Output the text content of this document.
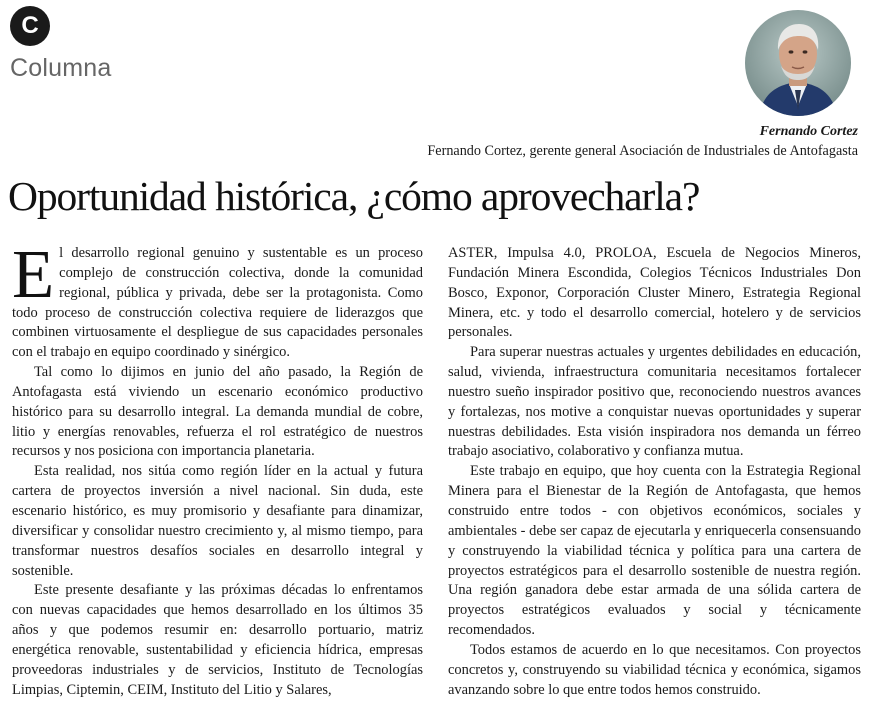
C
Columna
Fernando Cortez
Fernando Cortez, gerente general Asociación de Industriales de Antofagasta
Oportunidad histórica, ¿cómo aprovecharla?

El desarrollo regional genuino y sustentable es un proceso complejo de construcción colectiva, donde la comunidad regional, pública y privada, debe ser la protagonista. Como todo proceso de construcción colectiva requiere de liderazgos que combinen virtuosamente el despliegue de sus capacidades personales con el trabajo en equipo coordinado y sinérgico.

Tal como lo dijimos en junio del año pasado, la Región de Antofagasta está viviendo un escenario económico productivo histórico para su desarrollo integral. La demanda mundial de cobre, litio y energías renovables, refuerza el rol estratégico de nuestros recursos y nos posiciona con importancia planetaria.

Esta realidad, nos sitúa como región líder en la actual y futura cartera de proyectos inversión a nivel nacional. Sin duda, este escenario histórico, es muy promisorio y desafiante para dinamizar, diversificar y consolidar nuestro crecimiento y, al mismo tiempo, para transformar nuestros desafíos sociales en desarrollo integral y sostenible.

Este presente desafiante y las próximas décadas lo enfrentamos con nuevas capacidades que hemos desarrollado en los últimos 35 años y que podemos resumir en: desarrollo portuario, matriz energética renovable, sustentabilidad y eficiencia hídrica, empresas proveedoras industriales y de servicios, Instituto de Tecnologías Limpias, Ciptemin, CEIM, Instituto del Litio y Salares,

ASTER, Impulsa 4.0, PROLOA, Escuela de Negocios Mineros, Fundación Minera Escondida, Colegios Técnicos Industriales Don Bosco, Exponor, Corporación Cluster Minero, Estrategia Regional Minera, etc. y todo el desarrollo comercial, hotelero y de servicios personales.

Para superar nuestras actuales y urgentes debilidades en educación, salud, vivienda, infraestructura comunitaria necesitamos fortalecer nuestro sueño inspirador positivo que, reconociendo nuestros avances y fortalezas, nos motive a conquistar nuevas oportunidades y superar nuestras debilidades. Esta visión inspiradora nos demanda un férreo trabajo asociativo, colaborativo y confianza mutua.

Este trabajo en equipo, que hoy cuenta con la Estrategia Regional Minera para el Bienestar de la Región de Antofagasta, que hemos construido entre todos - con objetivos económicos, sociales y ambientales - debe ser capaz de ejecutarla y enriquecerla consensuando y construyendo la viabilidad técnica y política para una cartera de proyectos estratégicos para el desarrollo sostenible de nuestra región. Una región ganadora debe estar armada de una sólida cartera de proyectos estratégicos evaluados y social y técnicamente recomendados.

Todos estamos de acuerdo en lo que necesitamos. Con proyectos concretos y, construyendo su viabilidad técnica y económica, sigamos avanzando sobre lo que entre todos hemos construido.
